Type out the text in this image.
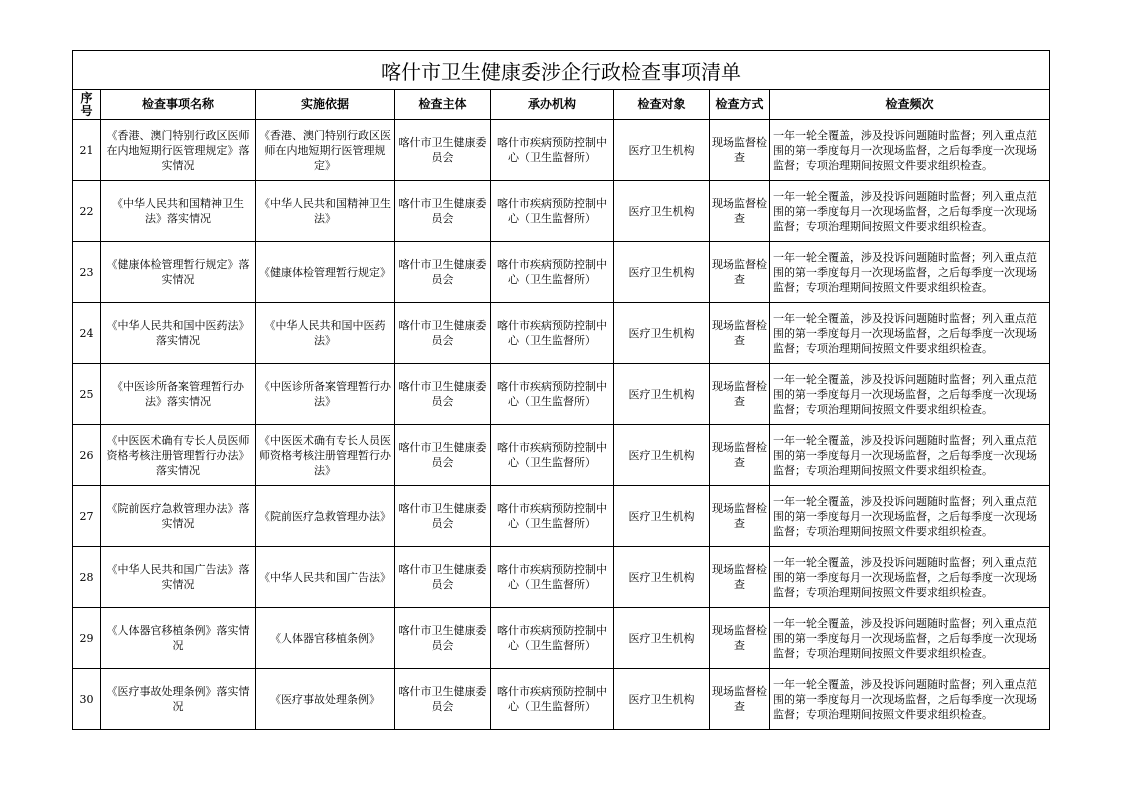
喀什市卫生健康委涉企行政检查事项清单							
序号	检查事项名称	实施依据	检查主体	承办机构	检查对象	检查方式	检查频次
21	《香港、澳门特别行政区医师在内地短期行医管理规定》落实情况	《香港、澳门特别行政区医师在内地短期行医管理规定》	喀什市卫生健康委员会	喀什市疾病预防控制中心（卫生监督所）	医疗卫生机构	现场监督检查	一年一轮全覆盖，涉及投诉问题随时监督；列入重点范围的第一季度每月一次现场监督，之后每季度一次现场监督；专项治理期间按照文件要求组织检查。
22	《中华人民共和国精神卫生法》落实情况	《中华人民共和国精神卫生法》	喀什市卫生健康委员会	喀什市疾病预防控制中心（卫生监督所）	医疗卫生机构	现场监督检查	一年一轮全覆盖，涉及投诉问题随时监督；列入重点范围的第一季度每月一次现场监督，之后每季度一次现场监督；专项治理期间按照文件要求组织检查。
23	《健康体检管理暂行规定》落实情况	《健康体检管理暂行规定》	喀什市卫生健康委员会	喀什市疾病预防控制中心（卫生监督所）	医疗卫生机构	现场监督检查	一年一轮全覆盖，涉及投诉问题随时监督；列入重点范围的第一季度每月一次现场监督，之后每季度一次现场监督；专项治理期间按照文件要求组织检查。
24	《中华人民共和国中医药法》落实情况	《中华人民共和国中医药法》	喀什市卫生健康委员会	喀什市疾病预防控制中心（卫生监督所）	医疗卫生机构	现场监督检查	一年一轮全覆盖，涉及投诉问题随时监督；列入重点范围的第一季度每月一次现场监督，之后每季度一次现场监督；专项治理期间按照文件要求组织检查。
25	《中医诊所备案管理暂行办法》落实情况	《中医诊所备案管理暂行办法》	喀什市卫生健康委员会	喀什市疾病预防控制中心（卫生监督所）	医疗卫生机构	现场监督检查	一年一轮全覆盖，涉及投诉问题随时监督；列入重点范围的第一季度每月一次现场监督，之后每季度一次现场监督；专项治理期间按照文件要求组织检查。
26	《中医医术确有专长人员医师资格考核注册管理暂行办法》落实情况	《中医医术确有专长人员医师资格考核注册管理暂行办法》	喀什市卫生健康委员会	喀什市疾病预防控制中心（卫生监督所）	医疗卫生机构	现场监督检查	一年一轮全覆盖，涉及投诉问题随时监督；列入重点范围的第一季度每月一次现场监督，之后每季度一次现场监督；专项治理期间按照文件要求组织检查。
27	《院前医疗急救管理办法》落实情况	《院前医疗急救管理办法》	喀什市卫生健康委员会	喀什市疾病预防控制中心（卫生监督所）	医疗卫生机构	现场监督检查	一年一轮全覆盖，涉及投诉问题随时监督；列入重点范围的第一季度每月一次现场监督，之后每季度一次现场监督；专项治理期间按照文件要求组织检查。
28	《中华人民共和国广告法》落实情况	《中华人民共和国广告法》	喀什市卫生健康委员会	喀什市疾病预防控制中心（卫生监督所）	医疗卫生机构	现场监督检查	一年一轮全覆盖，涉及投诉问题随时监督；列入重点范围的第一季度每月一次现场监督，之后每季度一次现场监督；专项治理期间按照文件要求组织检查。
29	《人体器官移植条例》落实情况	《人体器官移植条例》	喀什市卫生健康委员会	喀什市疾病预防控制中心（卫生监督所）	医疗卫生机构	现场监督检查	一年一轮全覆盖，涉及投诉问题随时监督；列入重点范围的第一季度每月一次现场监督，之后每季度一次现场监督；专项治理期间按照文件要求组织检查。
30	《医疗事故处理条例》落实情况	《医疗事故处理条例》	喀什市卫生健康委员会	喀什市疾病预防控制中心（卫生监督所）	医疗卫生机构	现场监督检查	一年一轮全覆盖，涉及投诉问题随时监督；列入重点范围的第一季度每月一次现场监督，之后每季度一次现场监督；专项治理期间按照文件要求组织检查。
